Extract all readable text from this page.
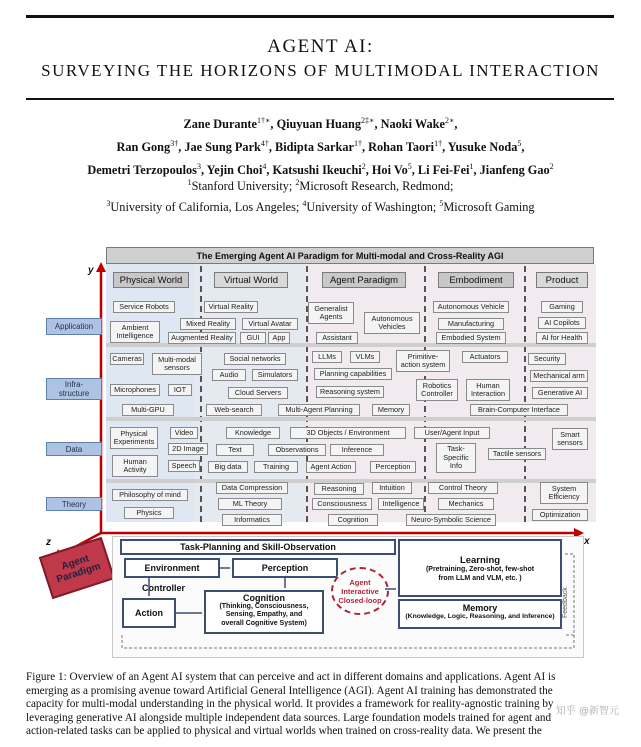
AGENT AI:
SURVEYING THE HORIZONS OF MULTIMODAL INTERACTION
Zane Durante$^{1\dagger∗}$, Qiuyuan Huang$^{2\ddagger∗}$, Naoki Wake$^{2∗}$,
Ran Gong$^{3\dagger}$, Jae Sung Park$^{4\dagger}$, Bidipta Sarkar$^{1\dagger}$, Rohan Taori$^{1\dagger}$, Yusuke Noda$^5$,
Demetri Terzopoulos$^3$, Yejin Choi$^4$, Katsushi Ikeuchi$^2$, Hoi Vo$^5$, Li Fei-Fei$^1$, Jianfeng Gao$^2$
$^1$Stanford University; $^2$Microsoft Research, Redmond;
$^3$University of California, Los Angeles; $^4$University of Washington; $^5$Microsoft Gaming
The Emerging Agent AI Paradigm for Multi-modal and Cross-Reality AGI
Physical World	Virtual World	Agent Paradigm	Embodiment	Product
y
x
z
Application
Infra-
structure
Data
Theory
Service Robots
Ambient
Intelligence
Mixed Reality
Augmented Reality
Virtual Reality
Virtual Avatar
GUI	App
Generalist
Agents	Autonomous
Vehicles
Assistant
Autonomous Vehicle
Manufacturing
Embodied System
Gaming
AI Copilots
AI for Health
Cameras	Multi-modal
sensors
Microphones	IOT
Multi-GPU
Social networks
Audio	Simulators
Cloud Servers
Web-search	Multi-Agent Planning
LLMs	VLMs	Primitive-
action system
Planning capabilities
Reasoning system
Memory
Actuators
Robotics
Controller
Human
Interaction
Security
Mechanical arm
Generative AI
Brain-Computer Interface
Physical
Experiments
Video
2D Image
Human
Activity	Speech
Text
Knowledge
Observations
Big data	Training
3D Objects / Environment
Inference
Agent Action	Perception
User/Agent Input
Task-
Specific
Info
Tactile sensors
Smart
sensors
Philosophy of mind
Physics
Data Compression
ML Theory
Informatics
Reasoning	Intuition
Consciousness	Intelligence
Cognition
Control Theory
Mechanics
Neuro-Symbolic Science
System
Efficiency
Optimization
Agent
Paradigm
Task-Planning and Skill-Observation
Environment	Perception
Controller
Action
Cognition
(Thinking, Consciousness,
Sensing, Empathy, and
overall Cognitive System)
Agent
Interactive
Closed-loop
Learning
(Pretraining, Zero-shot, few-shot
from LLM and VLM, etc. )
Memory
(Knowledge, Logic, Reasoning, and Inference)	Feedback
Figure 1: Overview of an Agent AI system that can perceive and act in different domains and applications. Agent AI is
emerging as a promising avenue toward Artificial General Intelligence (AGI). Agent AI training has demonstrated the
capacity for multi-modal understanding in the physical world. It provides a framework for reality-agnostic training by
leveraging generative AI alongside multiple independent data sources. Large foundation models trained for agent and
action-related tasks can be applied to physical and virtual worlds when trained on cross-reality data. We present the
知乎 @新智元
